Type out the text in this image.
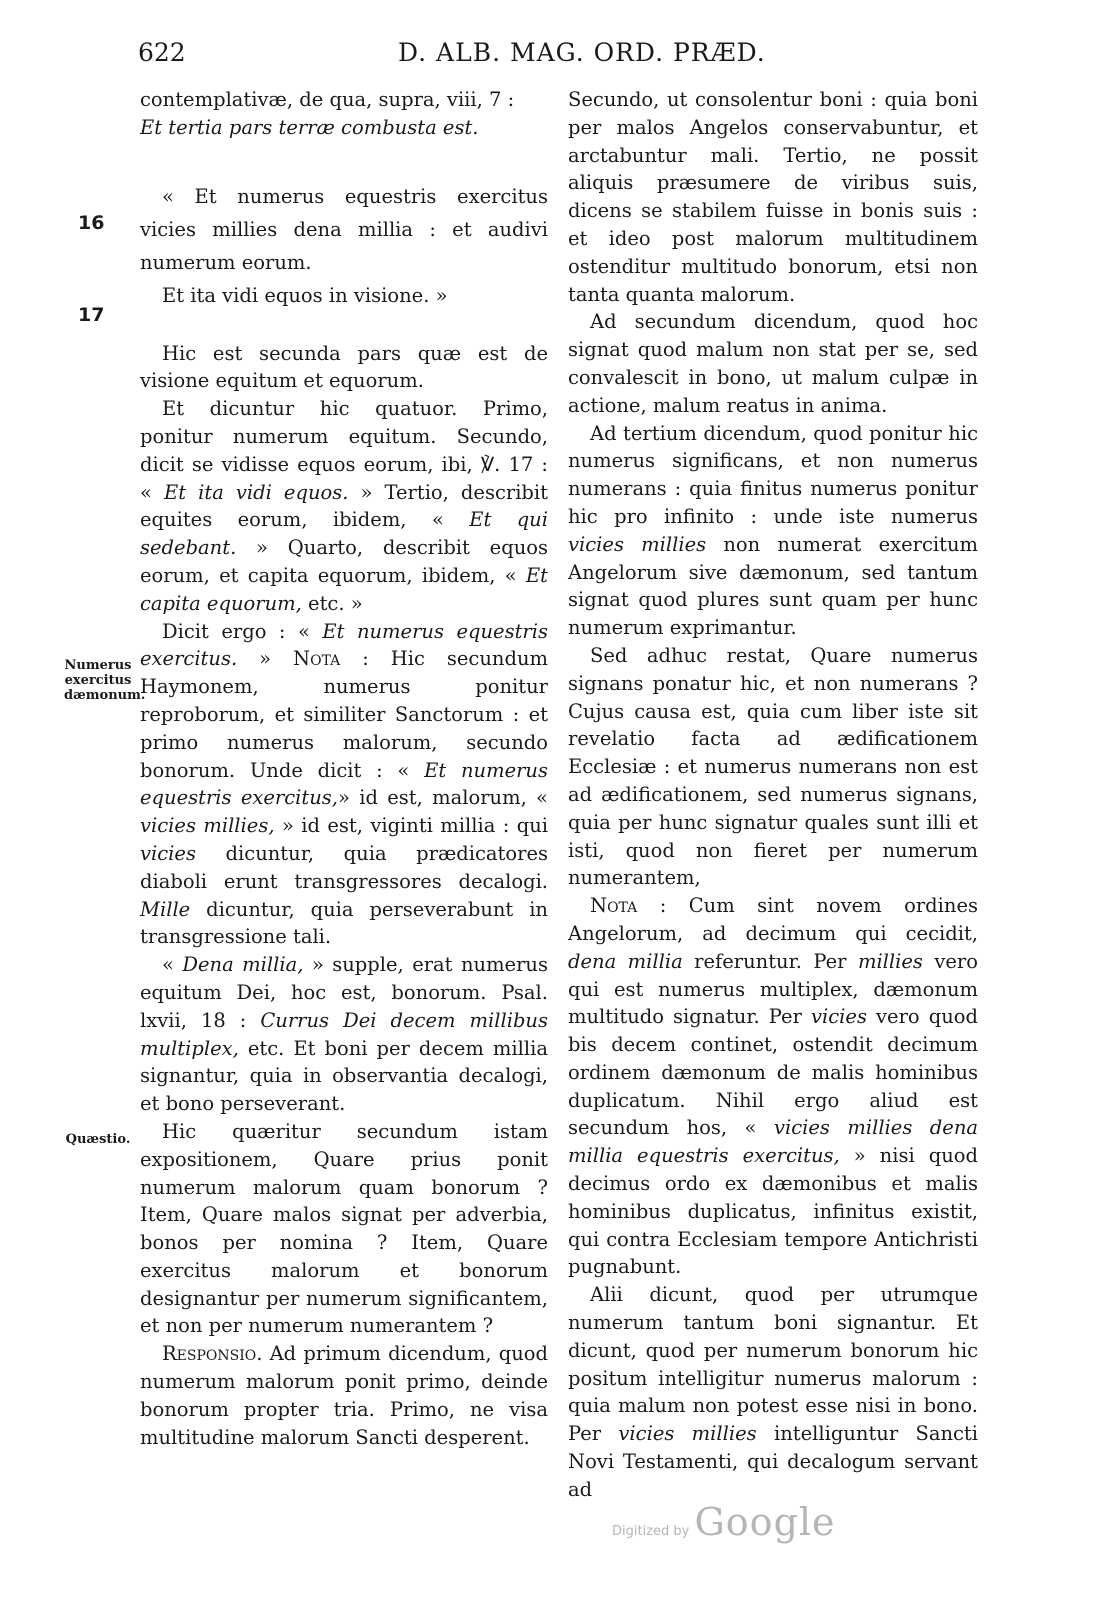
622	D. ALB. MAG. ORD. PRÆD.
16
17
Numerus exercitus dæmonum.
Quæstio.

contemplativæ, de qua, supra, viii, 7 :

Et tertia pars terræ combusta est.

« Et numerus equestris exercitus vicies millies dena millia : et audivi numerum eorum.

Et ita vidi equos in visione. »

Hic est secunda pars quæ est de visione equitum et equorum.

Et dicuntur hic quatuor. Primo, ponitur numerum equitum. Secundo, dicit se vidisse equos eorum, ibi, ℣. 17 : « Et ita vidi equos. » Tertio, describit equites eorum, ibidem, « Et qui sedebant. » Quarto, describit equos eorum, et capita equorum, ibidem, « Et capita equorum, etc. »

Dicit ergo : « Et numerus equestris exercitus. » Nota : Hic secundum Haymonem, numerus ponitur reproborum, et similiter Sanctorum : et primo numerus malorum, secundo bonorum. Unde dicit : « Et numerus equestris exercitus,» id est, malorum, « vicies millies, » id est, viginti millia : qui vicies dicuntur, quia prædicatores diaboli erunt transgressores decalogi. Mille dicuntur, quia perseverabunt in transgressione tali.

« Dena millia, » supple, erat numerus equitum Dei, hoc est, bonorum. Psal. lxvii, 18 : Currus Dei decem millibus multiplex, etc. Et boni per decem millia signantur, quia in observantia decalogi, et bono perseverant.

Hic quæritur secundum istam expositionem, Quare prius ponit numerum malorum quam bonorum ? Item, Quare malos signat per adverbia, bonos per nomina ? Item, Quare exercitus malorum et bonorum designantur per numerum significantem, et non per numerum numerantem ?

Responsio. Ad primum dicendum, quod numerum malorum ponit primo, deinde bonorum propter tria. Primo, ne visa multitudine malorum Sancti desperent.

Secundo, ut consolentur boni : quia boni per malos Angelos conservabuntur, et arctabuntur mali. Tertio, ne possit aliquis præsumere de viribus suis, dicens se stabilem fuisse in bonis suis : et ideo post malorum multitudinem ostenditur multitudo bonorum, etsi non tanta quanta malorum.

Ad secundum dicendum, quod hoc signat quod malum non stat per se, sed convalescit in bono, ut malum culpæ in actione, malum reatus in anima.

Ad tertium dicendum, quod ponitur hic numerus significans, et non numerus numerans : quia finitus numerus ponitur hic pro infinito : unde iste numerus vicies millies non numerat exercitum Angelorum sive dæmonum, sed tantum signat quod plures sunt quam per hunc numerum exprimantur.

Sed adhuc restat, Quare numerus signans ponatur hic, et non numerans ? Cujus causa est, quia cum liber iste sit revelatio facta ad ædificationem Ecclesiæ : et numerus numerans non est ad ædificationem, sed numerus signans, quia per hunc signatur quales sunt illi et isti, quod non fieret per numerum numerantem,

Nota : Cum sint novem ordines Angelorum, ad decimum qui cecidit, dena millia referuntur. Per millies vero qui est numerus multiplex, dæmonum multitudo signatur. Per vicies vero quod bis decem continet, ostendit decimum ordinem dæmonum de malis hominibus duplicatum. Nihil ergo aliud est secundum hos, « vicies millies dena millia equestris exercitus, » nisi quod decimus ordo ex dæmonibus et malis hominibus duplicatus, infinitus existit, qui contra Ecclesiam tempore Antichristi pugnabunt.

Alii dicunt, quod per utrumque numerum tantum boni signantur. Et dicunt, quod per numerum bonorum hic positum intelligitur numerus malorum : quia malum non potest esse nisi in bono. Per vicies millies intelliguntur Sancti Novi Testamenti, qui decalogum servant ad

Digitized by Google
